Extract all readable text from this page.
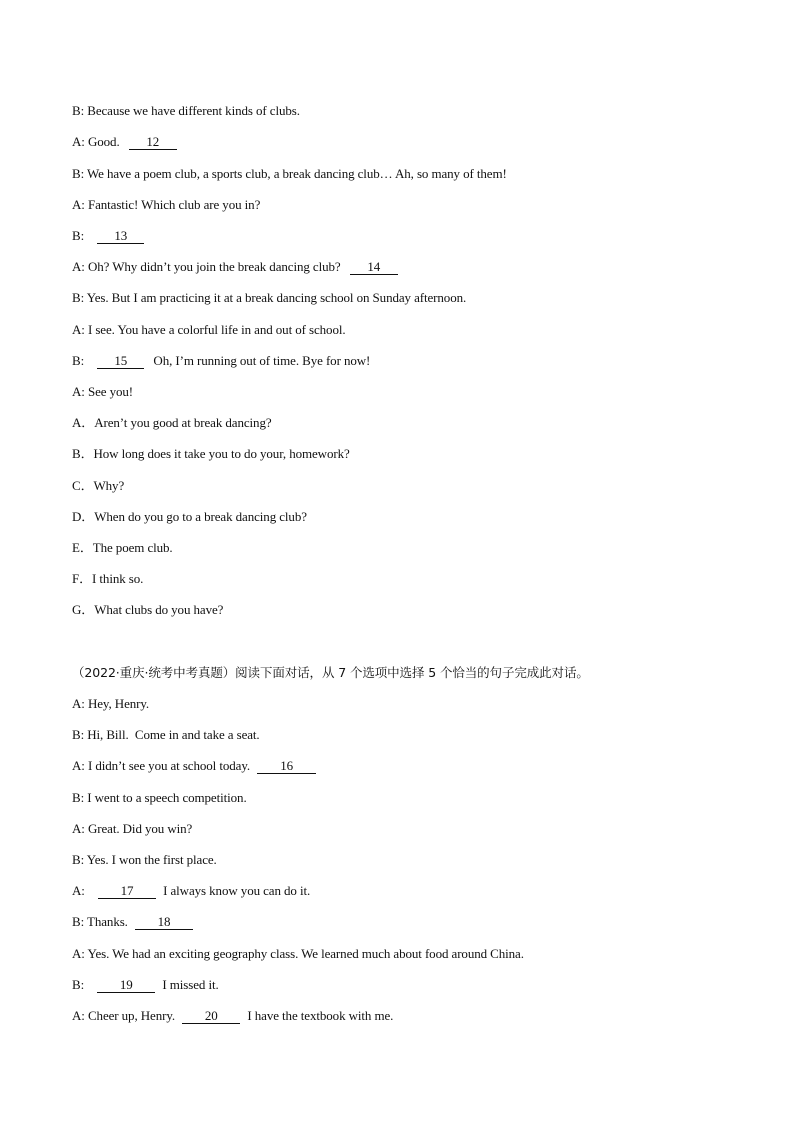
B: Because we have different kinds of clubs.
A: Good. 12
B: We have a poem club, a sports club, a break dancing club… Ah, so many of them!
A: Fantastic! Which club are you in?
B: 13
A: Oh? Why didn’t you join the break dancing club? 14
B: Yes. But I am practicing it at a break dancing school on Sunday afternoon.
A: I see. You have a colorful life in and out of school.
B: 15 Oh, I’m running out of time. Bye for now!
A: See you!
A．Aren’t you good at break dancing?
B．How long does it take you to do your, homework?
C．Why?
D．When do you go to a break dancing club?
E．The poem club.
F．I think so.
G．What clubs do you have?
（2022·重庆·统考中考真题）阅读下面对话，从 7 个选项中选择 5 个恰当的句子完成此对话。
A: Hey, Henry.
B: Hi, Bill.  Come in and take a seat.
A: I didn’t see you at school today. 16
B: I went to a speech competition.
A: Great. Did you win?
B: Yes. I won the first place.
A:	17 I always know you can do it.
B: Thanks. 18
A: Yes. We had an exciting geography class. We learned much about food around China.
B:	19 I missed it.
A: Cheer up, Henry. 20 I have the textbook with me.
